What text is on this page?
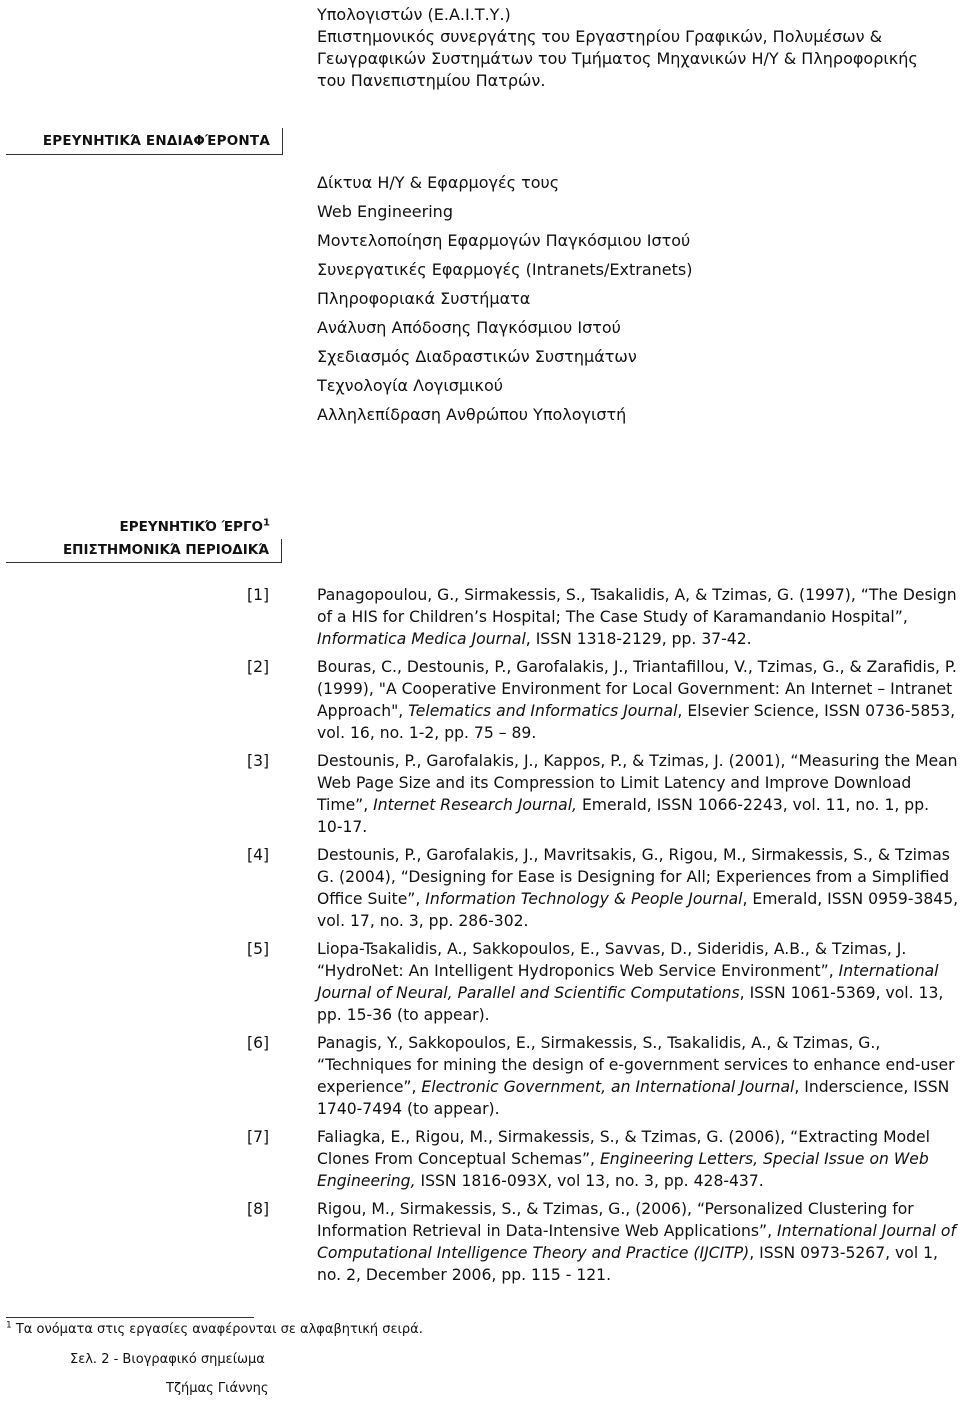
Υπολογιστών (Ε.Α.Ι.Τ.Υ.)
Επιστημονικός συνεργάτης του Εργαστηρίου Γραφικών, Πολυμέσων &
Γεωγραφικών Συστημάτων του Τμήματος Μηχανικών Η/Υ & Πληροφορικής
του Πανεπιστημίου Πατρών.
ΕΡΕΥΝΗΤΙΚΆ ΕΝΔΙΑΦΈΡΟΝΤΑ
Δίκτυα Η/Υ & Εφαρμογές τους
Web Engineering
Μοντελοποίηση Εφαρμογών Παγκόσμιου Ιστού
Συνεργατικές Εφαρμογές (Intranets/Extranets)
Πληροφοριακά Συστήματα
Ανάλυση Απόδοσης Παγκόσμιου Ιστού
Σχεδιασμός Διαδραστικών Συστημάτων
Τεχνολογία Λογισμικού
Αλληλεπίδραση Ανθρώπου Υπολογιστή
ΕΡΕΥΝΗΤΙΚΌ ΈΡΓΟ$^1$
ΕΠΙΣΤΗΜΟΝΙΚΆ ΠΕΡΙΟΔΙΚΆ
[1]	Panagopoulou, G., Sirmakessis, S., Tsakalidis, A, & Tzimas, G. (1997), “The Design of a HIS for Children’s Hospital; The Case Study of Karamandanio Hospital”, Informatica Medica Journal, ISSN 1318-2129, pp. 37-42.
[2]	Bouras, C., Destounis, P., Garofalakis, J., Triantafillou, V., Tzimas, G., & Zarafidis, P. (1999), "A Cooperative Environment for Local Government: An Internet – Intranet Approach", Telematics and Informatics Journal, Elsevier Science, ISSN 0736-5853, vol. 16, no. 1-2, pp. 75 – 89.
[3]	Destounis, P., Garofalakis, J., Kappos, P., & Tzimas, J. (2001), “Measuring the Mean Web Page Size and its Compression to Limit Latency and Improve Download Time”, Internet Research Journal, Emerald, ISSN 1066-2243, vol. 11, no. 1, pp. 10-17.
[4]	Destounis, P., Garofalakis, J., Mavritsakis, G., Rigou, M., Sirmakessis, S., & Tzimas G. (2004), “Designing for Ease is Designing for All; Experiences from a Simplified Office Suite”, Information Technology & People Journal, Emerald, ISSN 0959-3845, vol. 17, no. 3, pp. 286-302.
[5]	Liopa-Tsakalidis, A., Sakkopoulos, E., Savvas, D., Sideridis, A.B., & Tzimas, J. “HydroNet: An Intelligent Hydroponics Web Service Environment”, International Journal of Neural, Parallel and Scientific Computations, ISSN 1061-5369, vol. 13, pp. 15-36 (to appear).
[6]	Panagis, Y., Sakkopoulos, E., Sirmakessis, S., Tsakalidis, A., & Tzimas, G., “Techniques for mining the design of e-government services to enhance end-user experience”, Electronic Government, an International Journal, Inderscience, ISSN 1740-7494 (to appear).
[7]	Faliagka, E., Rigou, M., Sirmakessis, S., & Tzimas, G. (2006), “Extracting Model Clones From Conceptual Schemas”, Engineering Letters, Special Issue on Web Engineering, ISSN 1816-093X, vol 13, no. 3, pp. 428-437.
[8]	Rigou, M., Sirmakessis, S., & Tzimas, G., (2006), “Personalized Clustering for Information Retrieval in Data-Intensive Web Applications”, International Journal of Computational Intelligence Theory and Practice (IJCITP), ISSN 0973-5267, vol 1, no. 2, December 2006, pp. 115 - 121.
$^1$ Τα ονόματα στις εργασίες αναφέρονται σε αλφαβητική σειρά.
Σελ. 2 - Βιογραφικό σημείωμα
Τζήμας Γιάννης
